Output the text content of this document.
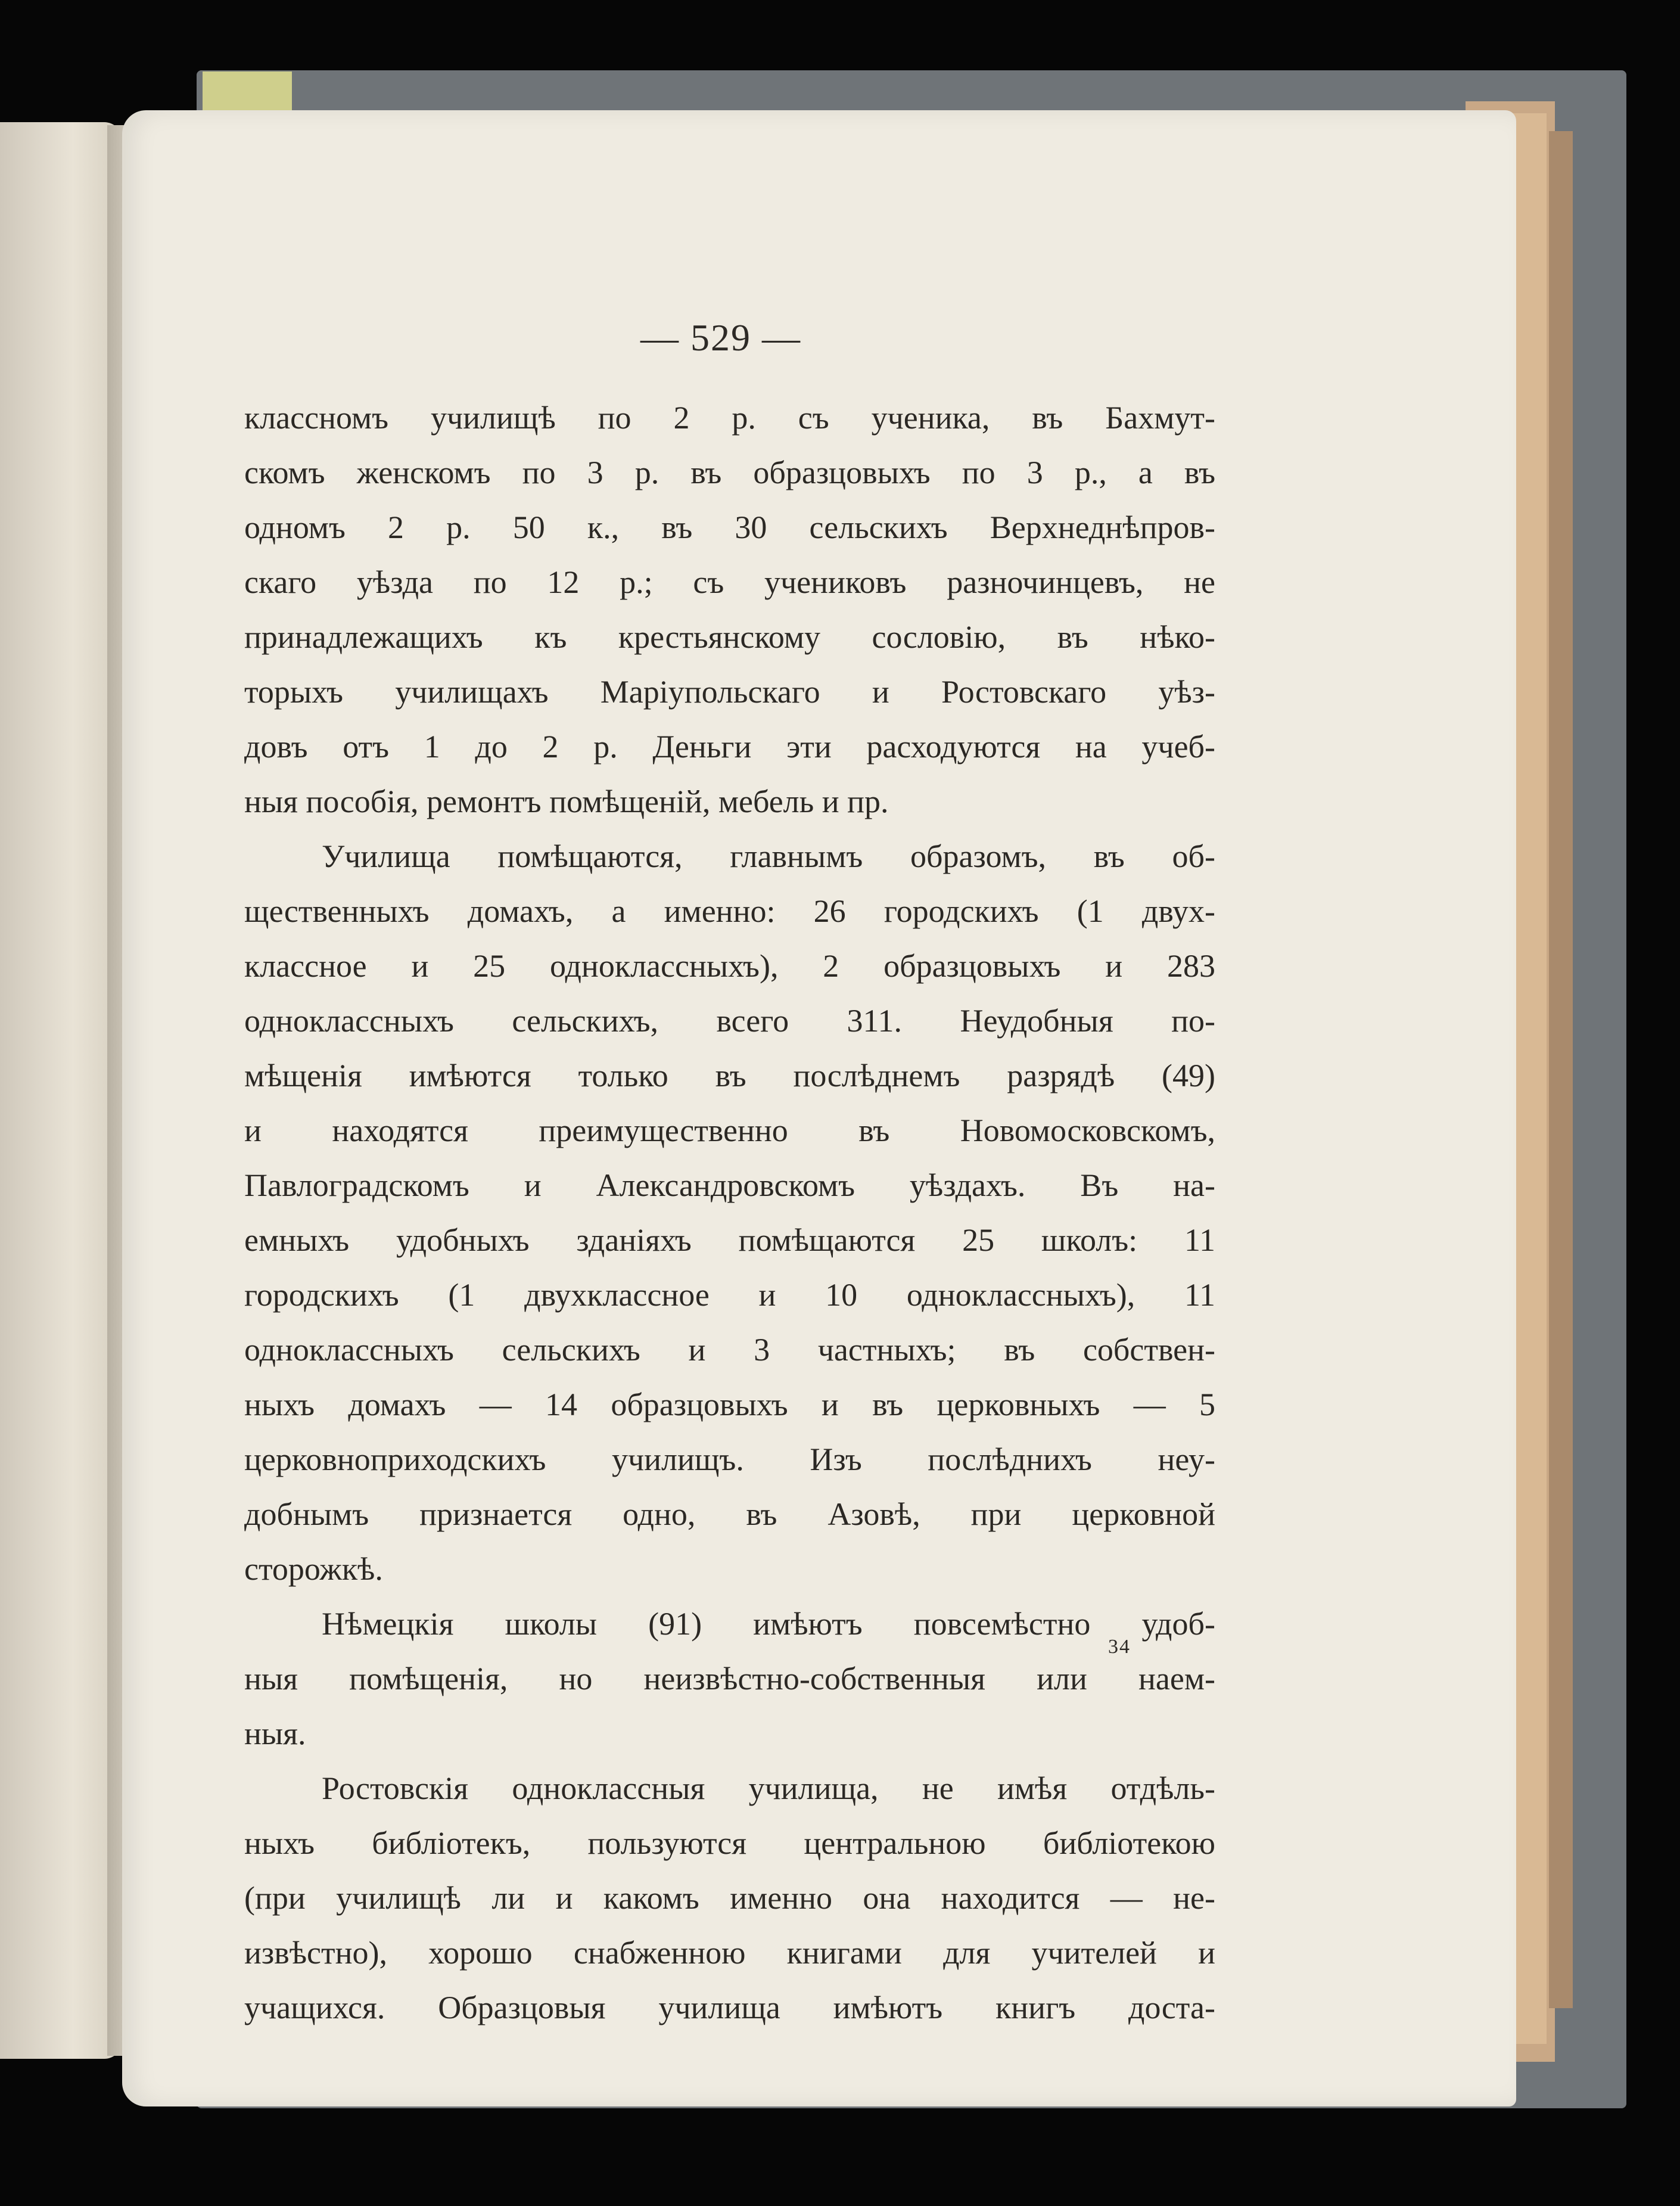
— 529 —
классномъ училищѣ по 2 р. съ ученика, въ Бахмут-
скомъ женскомъ по 3 р. въ образцовыхъ по 3 р., а въ
одномъ 2 р. 50 к., въ 30 сельскихъ Верхнеднѣпров-
скаго уѣзда по 12 р.; съ учениковъ разночинцевъ, не
принадлежащихъ къ крестьянскому сословію, въ нѣко-
торыхъ училищахъ Маріупольскаго и Ростовскаго уѣз-
довъ отъ 1 до 2 р. Деньги эти расходуются на учеб-
ныя пособія, ремонтъ помѣщеній, мебель и пр.
Училища помѣщаются, главнымъ образомъ, въ об-
щественныхъ домахъ, а именно: 26 городскихъ (1 двух-
классное и 25 одноклассныхъ), 2 образцовыхъ и 283
одноклассныхъ сельскихъ, всего 311. Неудобныя по-
мѣщенія имѣются только въ послѣднемъ разрядѣ (49)
и находятся преимущественно въ Новомосковскомъ,
Павлоградскомъ и Александровскомъ уѣздахъ. Въ на-
емныхъ удобныхъ зданіяхъ помѣщаются 25 школъ: 11
городскихъ (1 двухклассное и 10 одноклассныхъ), 11
одноклассныхъ сельскихъ и 3 частныхъ; въ собствен-
ныхъ домахъ — 14 образцовыхъ и въ церковныхъ — 5
церковноприходскихъ училищъ. Изъ послѣднихъ неу-
добнымъ признается одно, въ Азовѣ, при церковной
сторожкѣ.
Нѣмецкія школы (91) имѣютъ повсемѣстно удоб-
ныя помѣщенія, но неизвѣстно-собственныя или наем-
ныя.
Ростовскія одноклассныя училища, не имѣя отдѣль-
ныхъ библіотекъ, пользуются центральною библіотекою
(при училищѣ ли и какомъ именно она находится — не-
извѣстно), хорошо снабженною книгами для учителей и
учащихся. Образцовыя училища имѣютъ книгъ доста-
34
